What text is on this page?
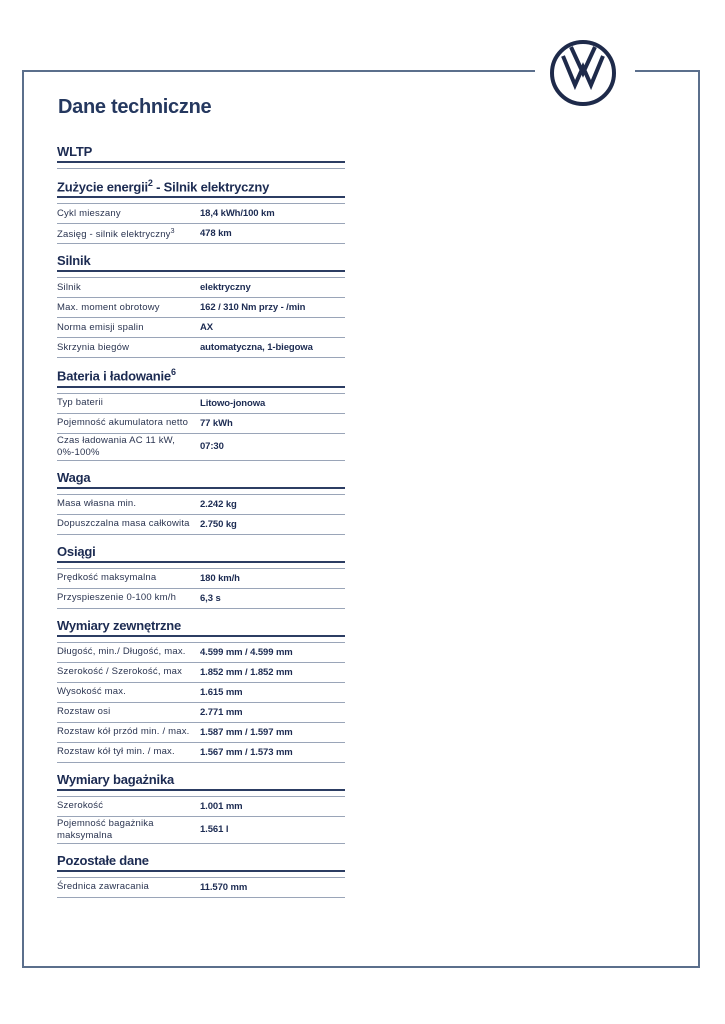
Dane techniczne
WLTP
Zużycie energii$^2$ - Silnik elektryczny
Cykl mieszany	18,4 kWh/100 km
Zasięg - silnik elektryczny$^3$	478 km
Silnik
Silnik	elektryczny
Max. moment obrotowy	162 / 310 Nm przy - /min
Norma emisji spalin	AX
Skrzynia biegów	automatyczna, 1-biegowa
Bateria i ładowanie$^6$
Typ baterii	Litowo-jonowa
Pojemność akumulatora netto	77 kWh
Czas ładowania AC 11 kW, 0%-100%	07:30
Waga
Masa własna min.	2.242 kg
Dopuszczalna masa całkowita	2.750 kg
Osiągi
Prędkość maksymalna	180 km/h
Przyspieszenie 0-100 km/h	6,3 s
Wymiary zewnętrzne
Długość, min./ Długość, max.	4.599 mm / 4.599 mm
Szerokość / Szerokość, max	1.852 mm / 1.852 mm
Wysokość max.	1.615 mm
Rozstaw osi	2.771 mm
Rozstaw kół przód min. / max.	1.587 mm / 1.597 mm
Rozstaw kół tył min. / max.	1.567 mm / 1.573 mm
Wymiary bagażnika
Szerokość	1.001 mm
Pojemność bagażnika maksymalna	1.561 l
Pozostałe dane
Średnica zawracania	11.570 mm
